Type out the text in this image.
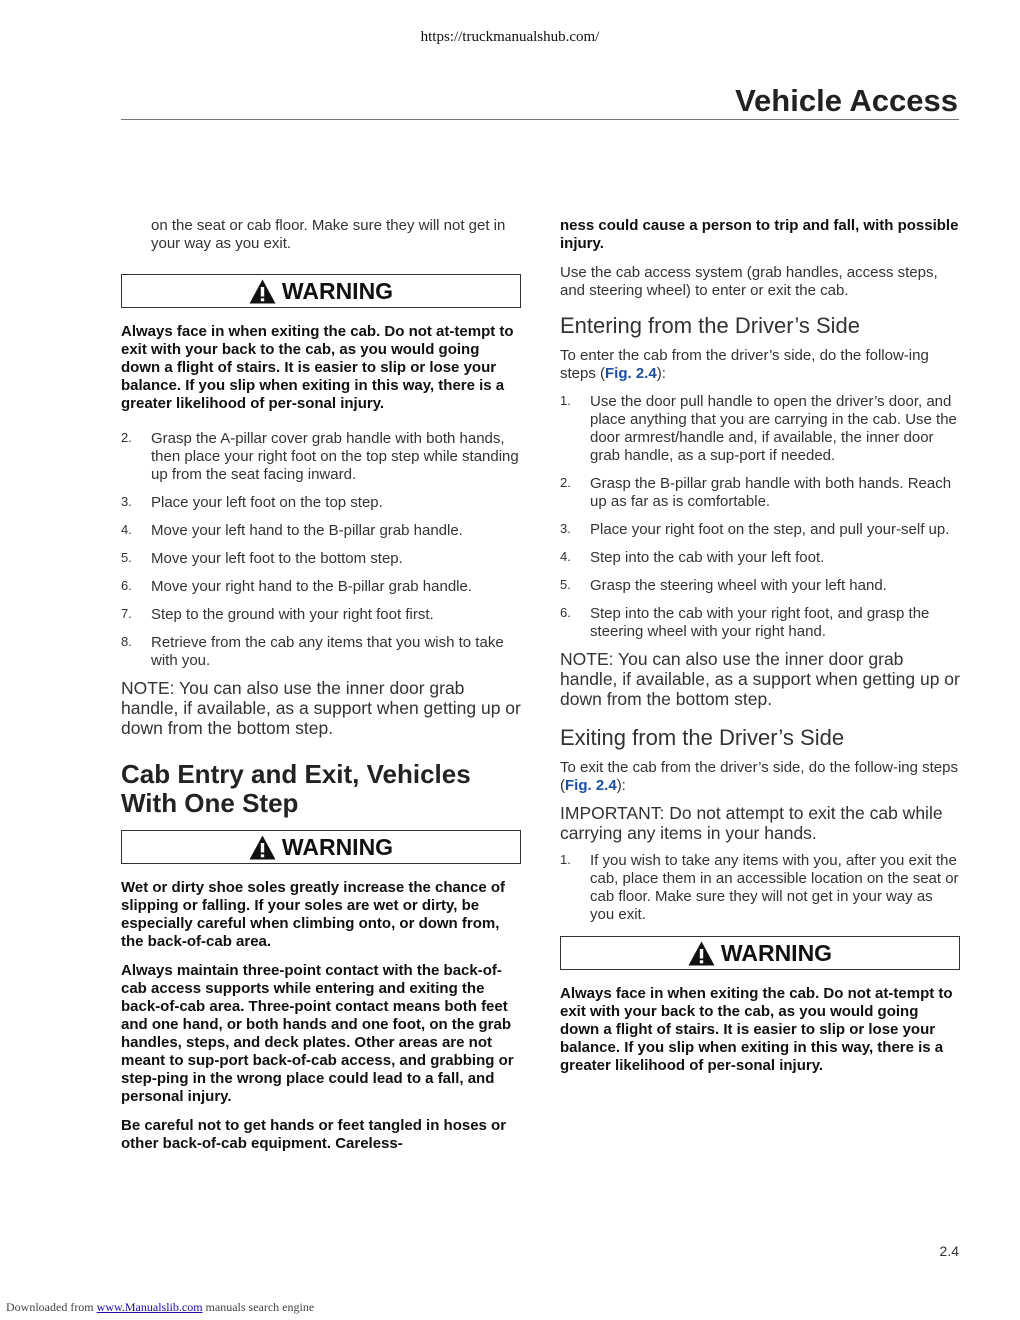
https://truckmanualshub.com/
Vehicle Access

on the seat or cab floor. Make sure they will not get in your way as you exit.

WARNING

Always face in when exiting the cab. Do not at-tempt to exit with your back to the cab, as you would going down a flight of stairs. It is easier to slip or lose your balance. If you slip when exiting in this way, there is a greater likelihood of per-sonal injury.

2.	Grasp the A-pillar cover grab handle with both hands, then place your right foot on the top step while standing up from the seat facing inward.
3.	Place your left foot on the top step.
4.	Move your left hand to the B-pillar grab handle.
5.	Move your left foot to the bottom step.
6.	Move your right hand to the B-pillar grab handle.
7.	Step to the ground with your right foot first.
8.	Retrieve from the cab any items that you wish to take with you.

NOTE: You can also use the inner door grab handle, if available, as a support when getting up or down from the bottom step.

Cab Entry and Exit, Vehicles With One Step
WARNING

Wet or dirty shoe soles greatly increase the chance of slipping or falling. If your soles are wet or dirty, be especially careful when climbing onto, or down from, the back-of-cab area.

Always maintain three-point contact with the back-of-cab access supports while entering and exiting the back-of-cab area. Three-point contact means both feet and one hand, or both hands and one foot, on the grab handles, steps, and deck plates. Other areas are not meant to sup-port back-of-cab access, and grabbing or step-ping in the wrong place could lead to a fall, and personal injury.

Be careful not to get hands or feet tangled in hoses or other back-of-cab equipment. Careless-

ness could cause a person to trip and fall, with possible injury.

Use the cab access system (grab handles, access steps, and steering wheel) to enter or exit the cab.

Entering from the Driver’s Side

To enter the cab from the driver’s side, do the follow-ing steps (Fig. 2.4):

1.	Use the door pull handle to open the driver’s door, and place anything that you are carrying in the cab. Use the door armrest/handle and, if available, the inner door grab handle, as a sup-port if needed.
2.	Grasp the B-pillar grab handle with both hands. Reach up as far as is comfortable.
3.	Place your right foot on the step, and pull your-self up.
4.	Step into the cab with your left foot.
5.	Grasp the steering wheel with your left hand.
6.	Step into the cab with your right foot, and grasp the steering wheel with your right hand.

NOTE: You can also use the inner door grab handle, if available, as a support when getting up or down from the bottom step.

Exiting from the Driver’s Side

To exit the cab from the driver’s side, do the follow-ing steps (Fig. 2.4):

IMPORTANT: Do not attempt to exit the cab while carrying any items in your hands.

1.	If you wish to take any items with you, after you exit the cab, place them in an accessible location on the seat or cab floor. Make sure they will not get in your way as you exit.
WARNING

Always face in when exiting the cab. Do not at-tempt to exit with your back to the cab, as you would going down a flight of stairs. It is easier to slip or lose your balance. If you slip when exiting in this way, there is a greater likelihood of per-sonal injury.

2.4
Downloaded from www.Manualslib.com manuals search engine
